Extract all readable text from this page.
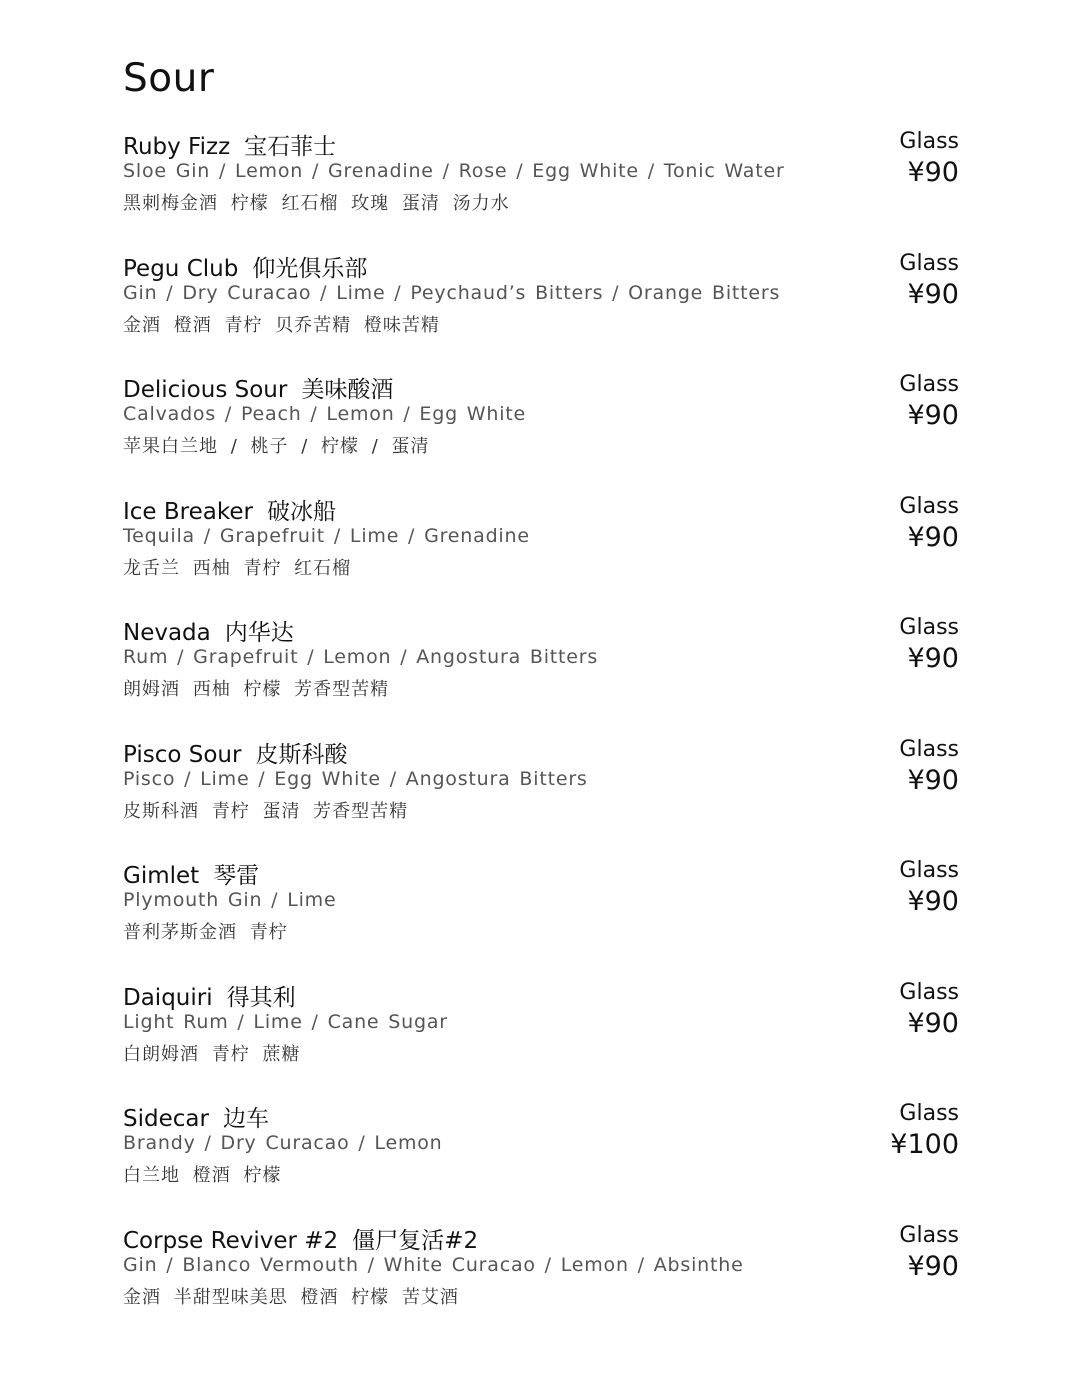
Sour
Ruby Fizz 宝石菲士
Sloe Gin / Lemon / Grenadine / Rose / Egg White / Tonic Water
黑刺梅金酒 柠檬 红石榴 玫瑰 蛋清 汤力水
Glass
¥90
Pegu Club 仰光俱乐部
Gin / Dry Curacao / Lime / Peychaud’s Bitters / Orange Bitters
金酒 橙酒 青柠 贝乔苦精 橙味苦精
Glass
¥90
Delicious Sour 美味酸酒
Calvados / Peach / Lemon / Egg White
苹果白兰地 / 桃子 / 柠檬 / 蛋清
Glass
¥90
Ice Breaker 破冰船
Tequila / Grapefruit / Lime / Grenadine
龙舌兰 西柚 青柠 红石榴
Glass
¥90
Nevada 内华达
Rum / Grapefruit / Lemon / Angostura Bitters
朗姆酒 西柚 柠檬 芳香型苦精
Glass
¥90
Pisco Sour 皮斯科酸
Pisco / Lime / Egg White / Angostura Bitters
皮斯科酒 青柠 蛋清 芳香型苦精
Glass
¥90
Gimlet 琴雷
Plymouth Gin / Lime
普利茅斯金酒 青柠
Glass
¥90
Daiquiri 得其利
Light Rum / Lime / Cane Sugar
白朗姆酒 青柠 蔗糖
Glass
¥90
Sidecar 边车
Brandy / Dry Curacao / Lemon
白兰地 橙酒 柠檬
Glass
¥100
Corpse Reviver #2 僵尸复活#2
Gin / Blanco Vermouth / White Curacao / Lemon / Absinthe
金酒 半甜型味美思 橙酒 柠檬 苦艾酒
Glass
¥90
